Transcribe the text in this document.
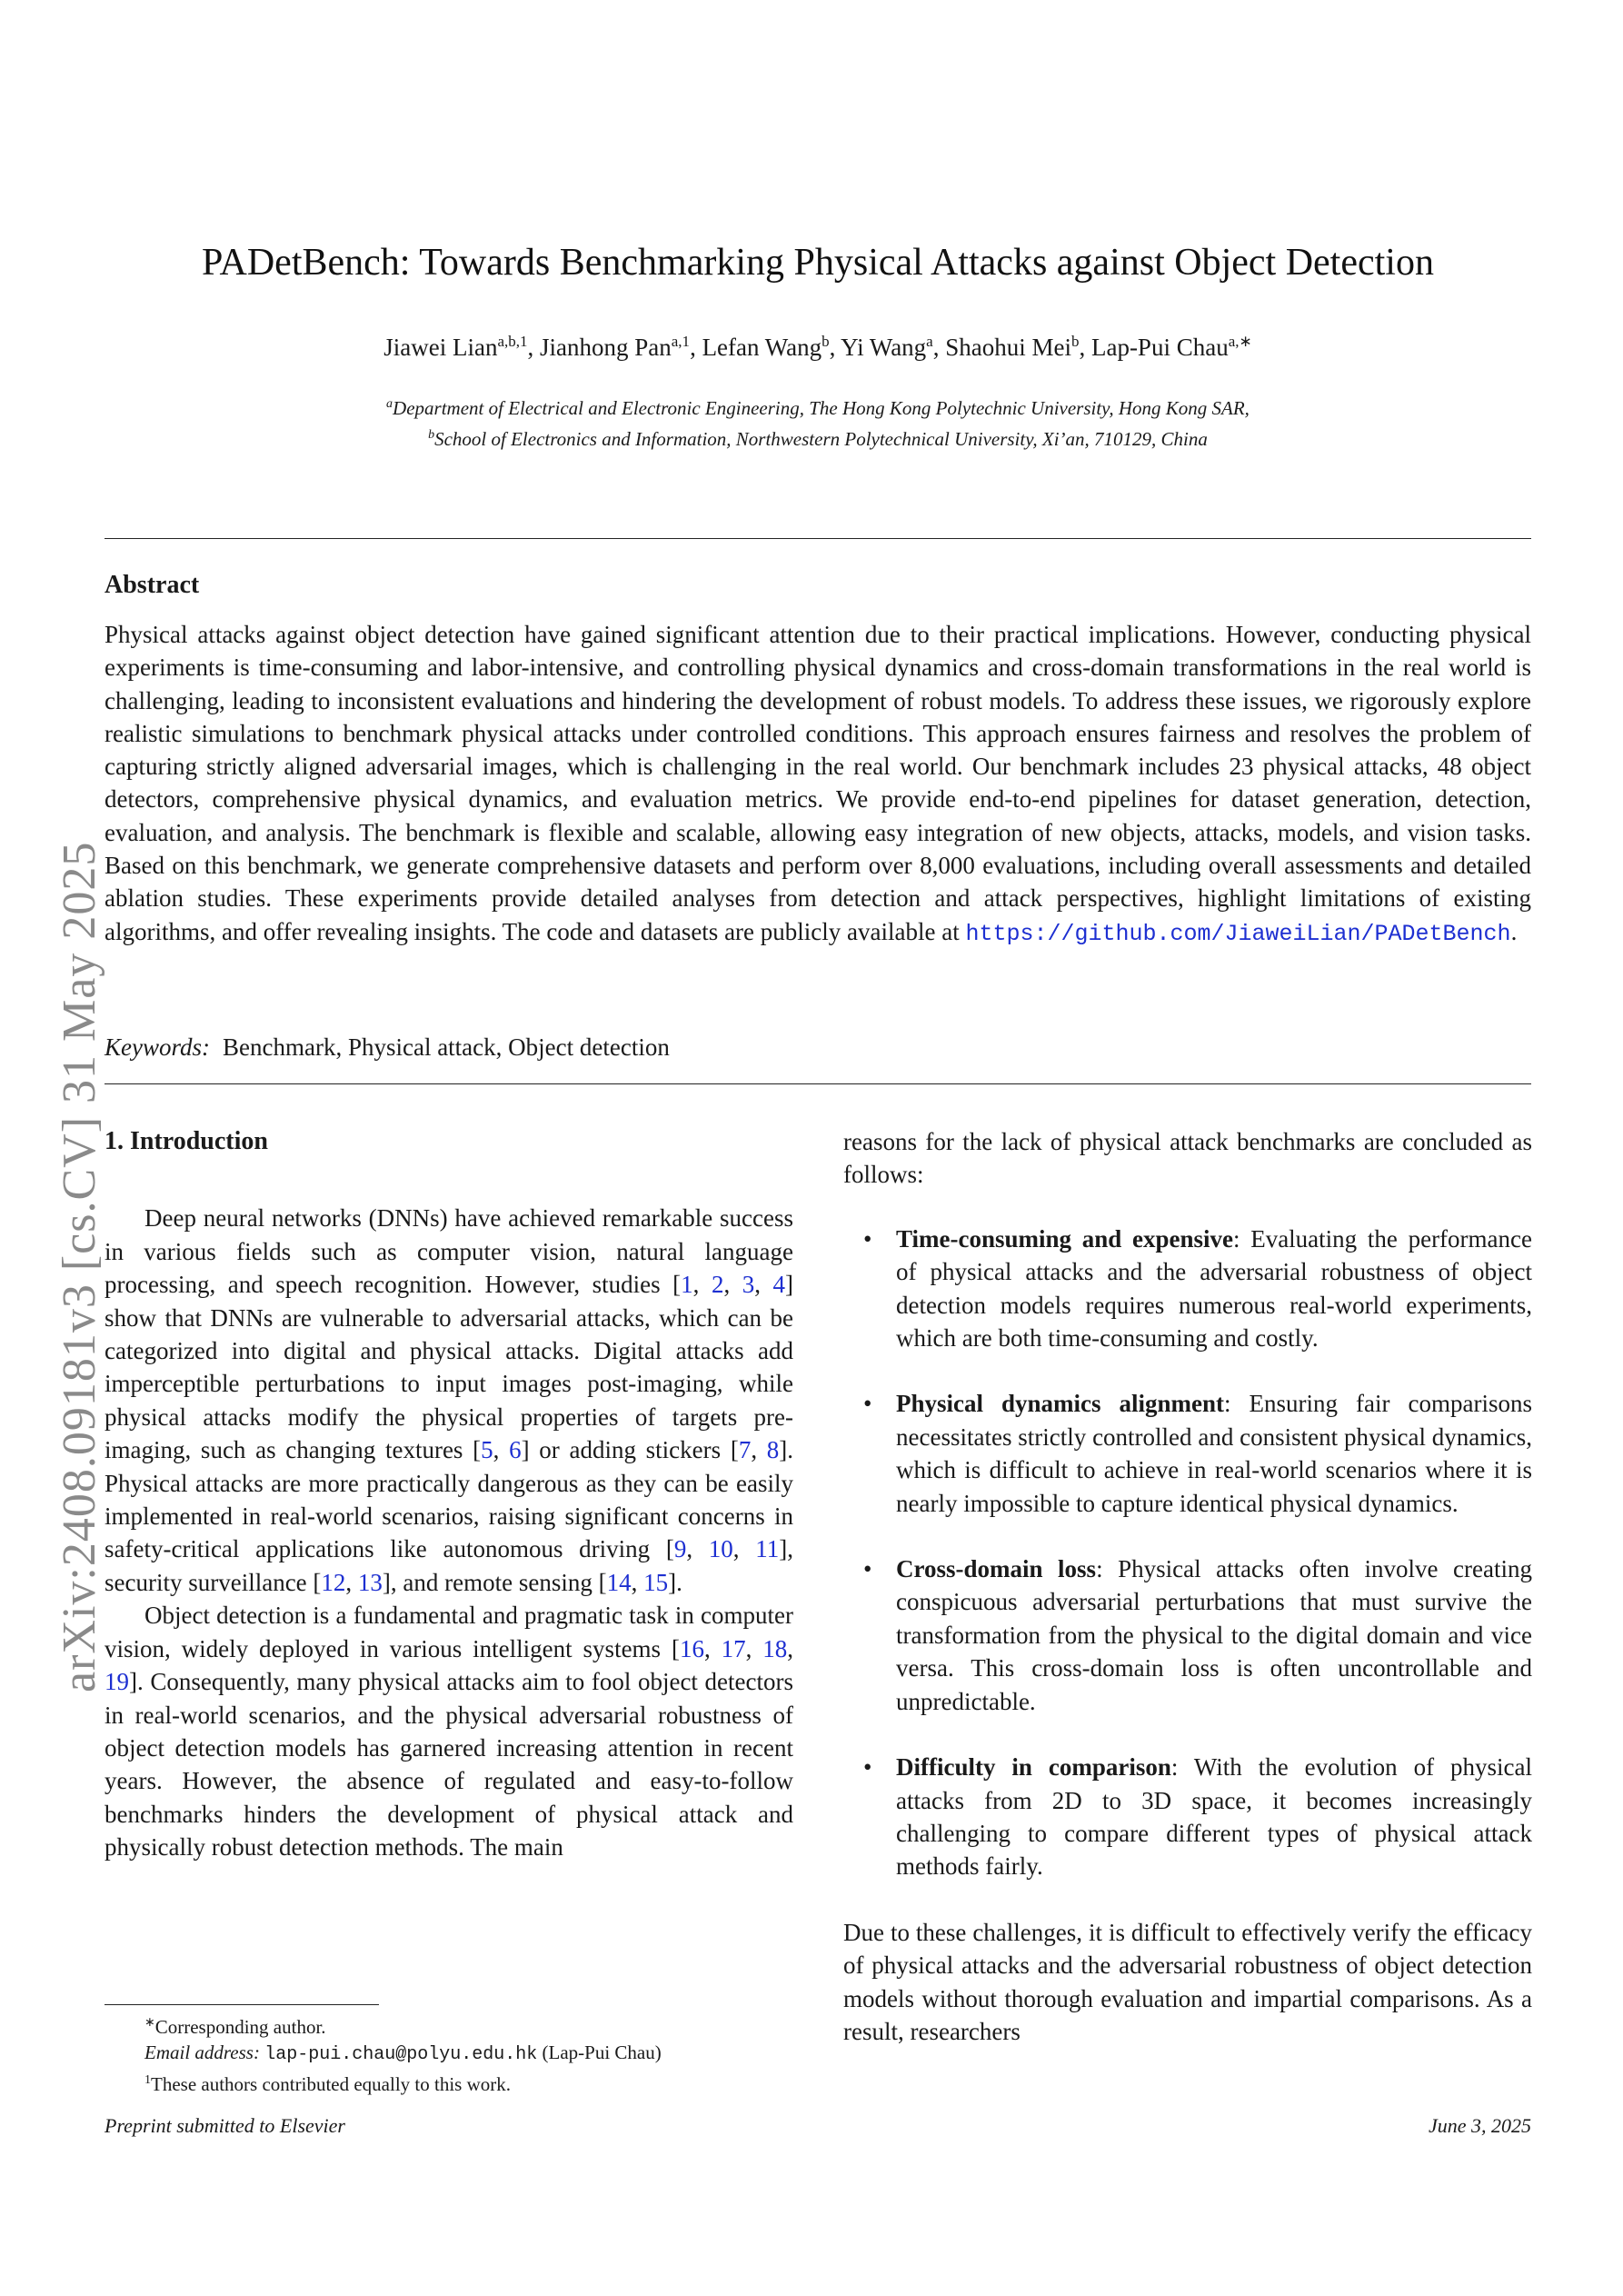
arXiv:2408.09181v3 [cs.CV] 31 May 2025
PADetBench: Towards Benchmarking Physical Attacks against Object Detection
Jiawei Lian$^{a,b,1}$, Jianhong Pan$^{a,1}$, Lefan Wang$^b$, Yi Wang$^a$, Shaohui Mei$^b$, Lap-Pui Chau$^{a,∗}$
$^a$Department of Electrical and Electronic Engineering, The Hong Kong Polytechnic University, Hong Kong SAR,
$^b$School of Electronics and Information, Northwestern Polytechnical University, Xi’an, 710129, China
Abstract
Physical attacks against object detection have gained significant attention due to their practical implications. However, conducting physical experiments is time-consuming and labor-intensive, and controlling physical dynamics and cross-domain transformations in the real world is challenging, leading to inconsistent evaluations and hindering the development of robust models. To address these issues, we rigorously explore realistic simulations to benchmark physical attacks under controlled conditions. This approach ensures fairness and resolves the problem of capturing strictly aligned adversarial images, which is challenging in the real world. Our benchmark includes 23 physical attacks, 48 object detectors, comprehensive physical dynamics, and evaluation metrics. We provide end-to-end pipelines for dataset generation, detection, evaluation, and analysis. The benchmark is flexible and scalable, allowing easy integration of new objects, attacks, models, and vision tasks. Based on this benchmark, we generate comprehensive datasets and perform over 8,000 evaluations, including overall assessments and detailed ablation studies. These experiments provide detailed analyses from detection and attack perspectives, highlight limitations of existing algorithms, and offer revealing insights. The code and datasets are publicly available at https://github.com/JiaweiLian/PADetBench.
Keywords: Benchmark, Physical attack, Object detection
1. Introduction

Deep neural networks (DNNs) have achieved remarkable success in various fields such as computer vision, natural language processing, and speech recognition. However, studies [1, 2, 3, 4] show that DNNs are vulnerable to adversarial attacks, which can be categorized into digital and physical attacks. Digital attacks add imperceptible perturbations to input images post-imaging, while physical attacks modify the physical properties of targets pre-imaging, such as changing textures [5, 6] or adding stickers [7, 8]. Physical attacks are more practically dangerous as they can be easily implemented in real-world scenarios, raising significant concerns in safety-critical applications like autonomous driving [9, 10, 11], security surveillance [12, 13], and remote sensing [14, 15].

Object detection is a fundamental and pragmatic task in computer vision, widely deployed in various intelligent systems [16, 17, 18, 19]. Consequently, many physical attacks aim to fool object detectors in real-world scenarios, and the physical adversarial robustness of object detection models has garnered increasing attention in recent years. However, the absence of regulated and easy-to-follow benchmarks hinders the development of physical attack and physically robust detection methods. The main

reasons for the lack of physical attack benchmarks are concluded as follows:

• Time-consuming and expensive: Evaluating the performance of physical attacks and the adversarial robustness of object detection models requires numerous real-world experiments, which are both time-consuming and costly.
• Physical dynamics alignment: Ensuring fair comparisons necessitates strictly controlled and consistent physical dynamics, which is difficult to achieve in real-world scenarios where it is nearly impossible to capture identical physical dynamics.
• Cross-domain loss: Physical attacks often involve creating conspicuous adversarial perturbations that must survive the transformation from the physical to the digital domain and vice versa. This cross-domain loss is often uncontrollable and unpredictable.
• Difficulty in comparison: With the evolution of physical attacks from 2D to 3D space, it becomes increasingly challenging to compare different types of physical attack methods fairly.

Due to these challenges, it is difficult to effectively verify the efficacy of physical attacks and the adversarial robustness of object detection models without thorough evaluation and impartial comparisons. As a result, researchers

∗Corresponding author.
Email address: lap-pui.chau@polyu.edu.hk (Lap-Pui Chau)
$^1$These authors contributed equally to this work.
Preprint submitted to Elsevier	June 3, 2025
